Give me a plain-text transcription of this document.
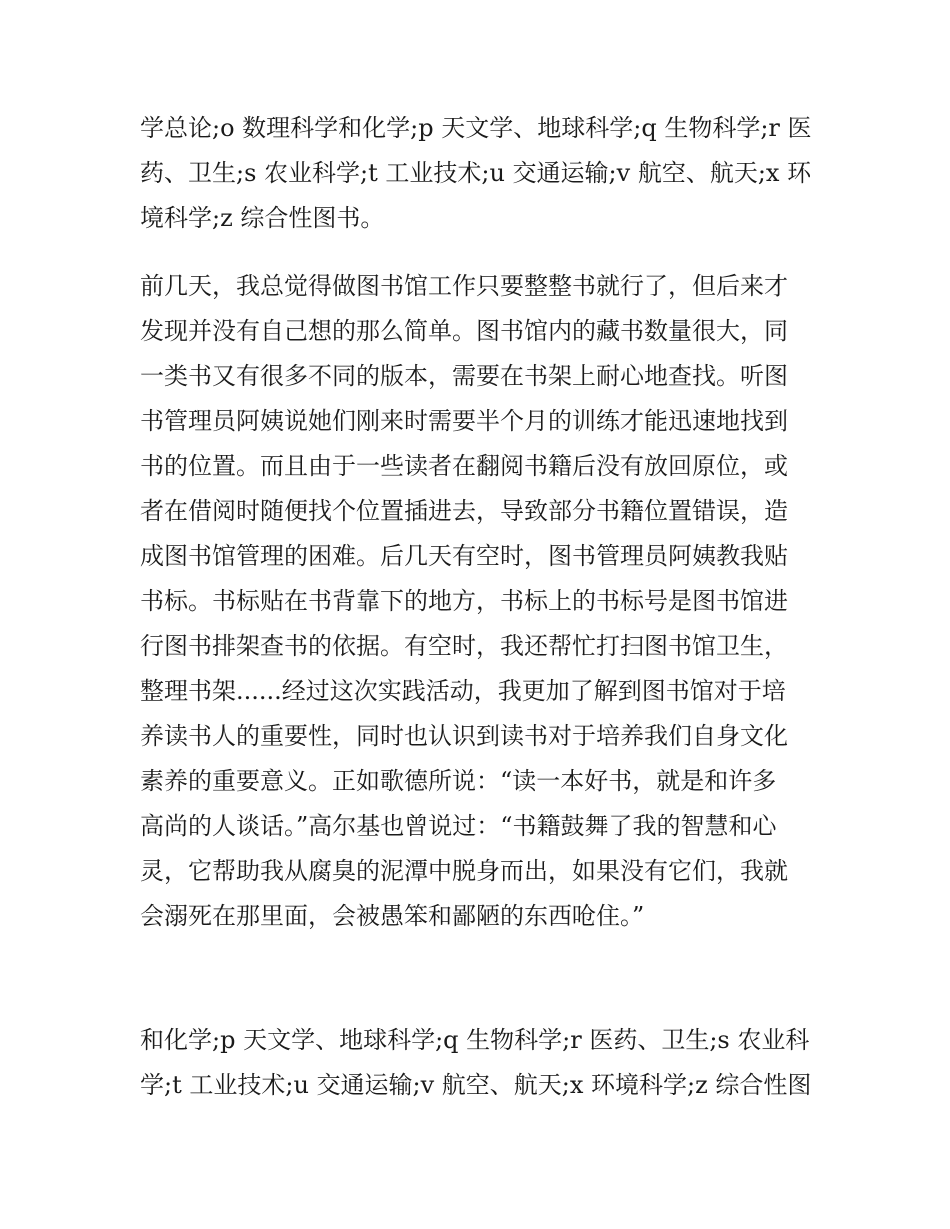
学总论;o 数理科学和化学;p 天文学、地球科学;q 生物科学;r 医
药、卫生;s 农业科学;t 工业技术;u 交通运输;v 航空、航天;x 环
境科学;z 综合性图书。
前几天，我总觉得做图书馆工作只要整整书就行了，但后来才
发现并没有自己想的那么简单。图书馆内的藏书数量很大，同
一类书又有很多不同的版本，需要在书架上耐心地查找。听图
书管理员阿姨说她们刚来时需要半个月的训练才能迅速地找到
书的位置。而且由于一些读者在翻阅书籍后没有放回原位，或
者在借阅时随便找个位置插进去，导致部分书籍位置错误，造
成图书馆管理的困难。后几天有空时，图书管理员阿姨教我贴
书标。书标贴在书背靠下的地方，书标上的书标号是图书馆进
行图书排架查书的依据。有空时，我还帮忙打扫图书馆卫生，
整理书架......经过这次实践活动，我更加了解到图书馆对于培
养读书人的重要性，同时也认识到读书对于培养我们自身文化
素养的重要意义。正如歌德所说：“读一本好书，就是和许多
高尚的人谈话。”高尔基也曾说过：“书籍鼓舞了我的智慧和心
灵，它帮助我从腐臭的泥潭中脱身而出，如果没有它们，我就
会溺死在那里面，会被愚笨和鄙陋的东西呛住。”
和化学;p 天文学、地球科学;q 生物科学;r 医药、卫生;s 农业科
学;t 工业技术;u 交通运输;v 航空、航天;x 环境科学;z 综合性图
